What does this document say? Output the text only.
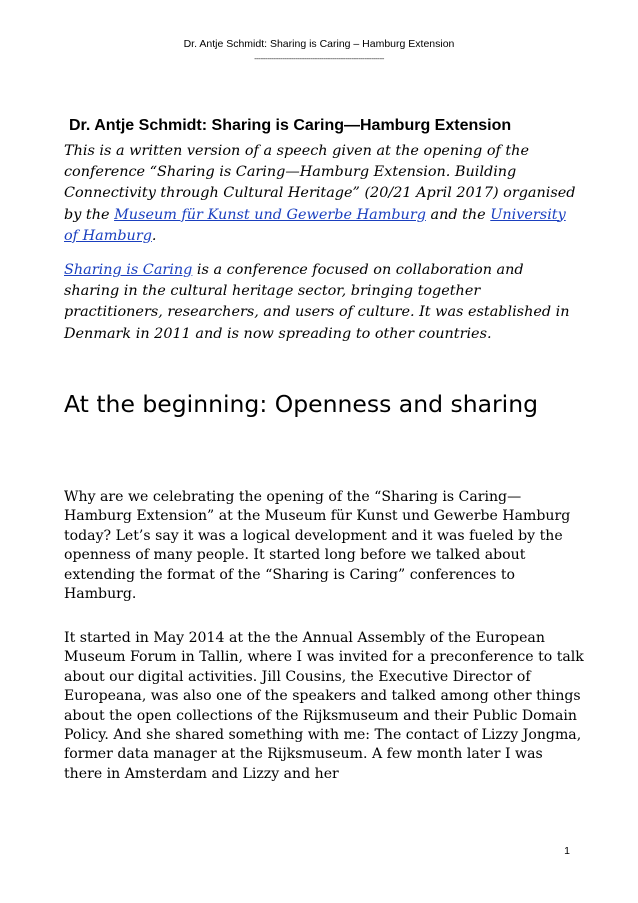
Dr. Antje Schmidt: Sharing is Caring – Hamburg Extension
------------------------------------------------------------
Dr. Antje Schmidt: Sharing is Caring—Hamburg Extension

This is a written version of a speech given at the opening of the conference “Sharing is Caring—Hamburg Extension. Building Connectivity through Cultural Heritage” (20/21 April 2017) organised by the Museum für Kunst und Gewerbe Hamburg and the University of Hamburg.

Sharing is Caring is a conference focused on collaboration and sharing in the cultural heritage sector, bringing together practitioners, researchers, and users of culture. It was established in Denmark in 2011 and is now spreading to other countries.

At the beginning: Openness and sharing

Why are we celebrating the opening of the “Sharing is Caring—Hamburg Extension” at the Museum für Kunst und Gewerbe Hamburg today? Let’s say it was a logical development and it was fueled by the openness of many people. It started long before we talked about extending the format of the “Sharing is Caring” conferences to Hamburg.

It started in May 2014 at the the Annual Assembly of the European Museum Forum in Tallin, where I was invited for a preconference to talk about our digital activities. Jill Cousins, the Executive Director of Europeana, was also one of the speakers and talked among other things about the open collections of the Rijksmuseum and their Public Domain Policy. And she shared something with me: The contact of Lizzy Jongma, former data manager at the Rijksmuseum. A few month later I was there in Amsterdam and Lizzy and her

1
